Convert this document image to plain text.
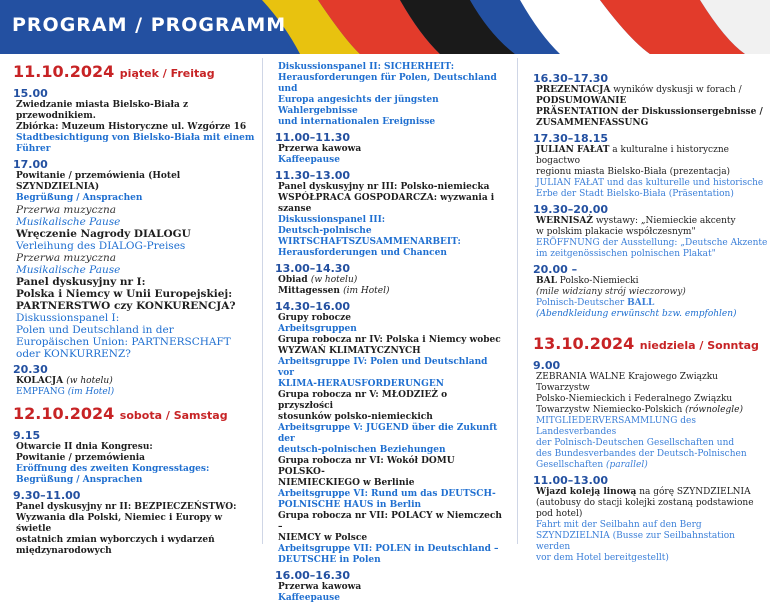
PROGRAM / PROGRAMM
11.10.2024 piątek / Freitag
15.00
Zwiedzanie miasta Bielsko-Biała z przewodnikiem.
Zbiórka: Muzeum Historyczne ul. Wzgórze 16
Stadtbesichtigung von Bielsko-Biała mit einem Führer
17.00
Powitanie / przemówienia (Hotel SZYNDZIELNIA)
Begrüßung / Ansprachen
Przerwa muzyczna
Musikalische Pause
Wręczenie Nagrody DIALOGU
Verleihung des DIALOG-Preises
Przerwa muzyczna
Musikalische Pause
Panel dyskusyjny nr I:
Polska i Niemcy w Unii Europejskiej:
PARTNERSTWO czy KONKURENCJA?
Diskussionspanel I:
Polen und Deutschland in der
Europäischen Union: PARTNERSCHAFT
oder KONKURRENZ?
20.30
KOLACJA (w hotelu)
EMPFANG (im Hotel)
12.10.2024 sobota / Samstag
9.15
Otwarcie II dnia Kongresu:
Powitanie / przemówienia
Eröffnung des zweiten Kongresstages:
Begrüßung / Ansprachen
9.30–11.00
Panel dyskusyjny nr II: BEZPIECZEŃSTWO:
Wyzwania dla Polski, Niemiec i Europy w świetle
ostatnich zmian wyborczych i wydarzeń
międzynarodowych
Diskussionspanel II: SICHERHEIT:
Herausforderungen für Polen, Deutschland und
Europa angesichts der jüngsten Wahlergebnisse
und internationalen Ereignisse
11.00–11.30
Przerwa kawowa
Kaffeepause
11.30–13.00
Panel dyskusyjny nr III: Polsko-niemiecka
WSPÓŁPRACA GOSPODARCZA: wyzwania i szanse
Diskussionspanel III:
Deutsch-polnische
WIRTSCHAFTSZUSAMMENARBEIT:
Herausforderungen und Chancen
13.00–14.30
Obiad (w hotelu)
Mittagessen (im Hotel)
14.30–16.00
Grupy robocze
Arbeitsgruppen
Grupa robocza nr IV: Polska i Niemcy wobec
WYZWAŃ KLIMATYCZNYCH
Arbeitsgruppe IV: Polen und Deutschland vor
KLIMA-HERAUSFORDERUNGEN
Grupa robocza nr V: MŁODZIEŻ o przyszłości
stosunków polsko-niemieckich
Arbeitsgruppe V: JUGEND über die Zukunft der
deutsch-polnischen Beziehungen
Grupa robocza nr VI: Wokół DOMU POLSKO-
NIEMIECKIEGO w Berlinie
Arbeitsgruppe VI: Rund um das DEUTSCH-
POLNISCHE HAUS in Berlin
Grupa robocza nr VII: POLACY w Niemczech –
NIEMCY w Polsce
Arbeitsgruppe VII: POLEN in Deutschland –
DEUTSCHE in Polen
16.00–16.30
Przerwa kawowa
Kaffeepause
16.30–17.30
PREZENTACJA wyników dyskusji w forach /
PODSUMOWANIE
PRÄSENTATION der Diskussionsergebnisse /
ZUSAMMENFASSUNG
17.30–18.15
JULIAN FAŁAT a kulturalne i historyczne bogactwo
regionu miasta Bielsko-Biała (prezentacja)
JULIAN FAŁAT und das kulturelle und historische
Erbe der Stadt Bielsko-Biała (Präsentation)
19.30–20.00
WERNISAŻ wystawy: „Niemieckie akcenty
w polskim plakacie współczesnym"
ERÖFFNUNG der Ausstellung: „Deutsche Akzente
im zeitgenössischen polnischen Plakat"
20.00 –
BAL Polsko-Niemiecki
(mile widziany strój wieczorowy)
Polnisch-Deutscher BALL
(Abendkleidung erwünscht bzw. empfohlen)
13.10.2024 niedziela / Sonntag
9.00
ZEBRANIA WALNE Krajowego Związku Towarzystw
Polsko-Niemieckich i Federalnego Związku
Towarzystw Niemiecko-Polskich (równolegle)
MITGLIEDERVERSAMMLUNG des Landesverbandes
der Polnisch-Deutschen Gesellschaften und
des Bundesverbandes der Deutsch-Polnischen
Gesellschaften (parallel)
11.00–13.00
Wjazd koleją linową na górę SZYNDZIELNIA
(autobusy do stacji kolejki zostaną podstawione
pod hotel)
Fahrt mit der Seilbahn auf den Berg
SZYNDZIELNIA (Busse zur Seilbahnstation werden
vor dem Hotel bereitgestellt)
